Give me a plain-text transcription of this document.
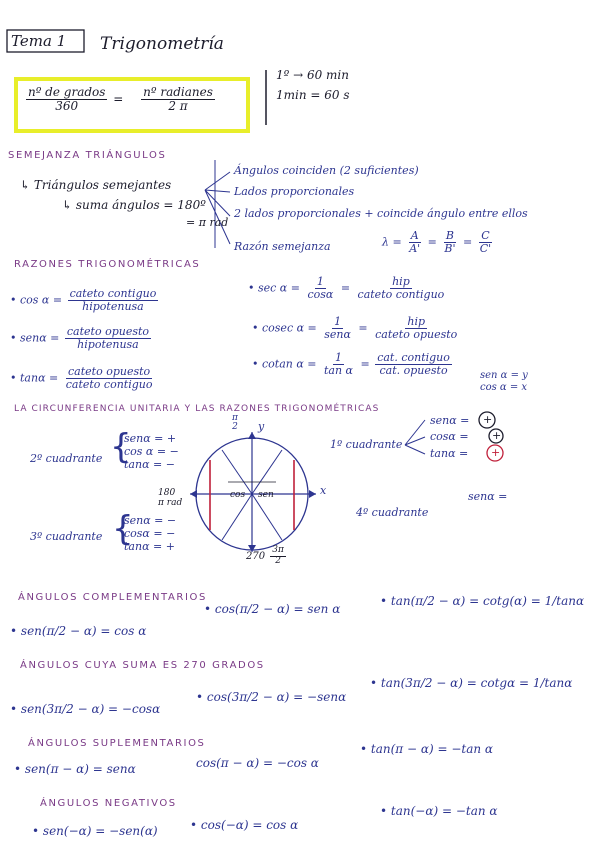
Tema 1 Trigonometría
$\frac{\text{nº de grados}}{360} = \frac{\text{nº radianes}}{2 \pi}$
1º → 60 min
1min = 60 s
SEMEJANZA TRIÁNGULOS
↳ Triángulos semejantes
↳ suma ángulos = 180º
= π rad
Ángulos coinciden (2 suficientes)
Lados proporcionales
2 lados proporcionales + coincide ángulo entre ellos
Razón semejanza	$\lambda = \frac{A}{A'} = \frac{B}{B'} = \frac{C}{C'}$
RAZONES TRIGONOMÉTRICAS
• $\cos \alpha = \frac{\text{cateto contiguo}}{\text{hipotenusa}}$
• $sen\alpha = \frac{\text{cateto opuesto}}{\text{hipotenusa}}$
• $\tan\alpha = \frac{\text{cateto opuesto}}{\text{cateto contiguo}}$
• $\sec \alpha = \frac{1}{\cos\alpha} = \frac{\text{hip}}{\text{cateto contiguo}}$
• cosec $\alpha = \frac{1}{\text{senα}} = \frac{\text{hip}}{\text{cateto opuesto}}$
• cotan $\alpha = \frac{1}{\text{tan α}} = \frac{\text{cat. contiguo}}{\text{cat. opuesto}}$	sen α = y
cos α = x
LA CIRCUNFERENCIA UNITARIA Y LAS RAZONES TRIGONOMÉTRICAS
π
2 y
x
180
π rad
$270 \frac{3\pi}{2}$
cos sen
2º cuadrante {
senα = +
cos α = −
tanα = −
1º cuadrante
senα =
cosα =
tanα =
+
+
+
3º cuadrante {
senα = −
cosα = −
tanα = +
4º cuadrante
senα =
ÁNGULOS COMPLEMENTARIOS
• sen(π/2 − α) = cos α
• cos(π/2 − α) = sen α
• tan(π/2 − α) = cotg(α) = 1/tanα
ÁNGULOS CUYA SUMA ES 270 GRADOS
• sen(3π/2 − α) = −cosα
• cos(3π/2 − α) = −senα
• tan(3π/2 − α) = cotgα = 1/tanα
ÁNGULOS SUPLEMENTARIOS
• sen(π − α) = senα	cos(π − α) = −cos α
• tan(π − α) = −tan α
ÁNGULOS NEGATIVOS
• sen(−α) = −sen(α)	• cos(−α) = cos α
• tan(−α) = −tan α
